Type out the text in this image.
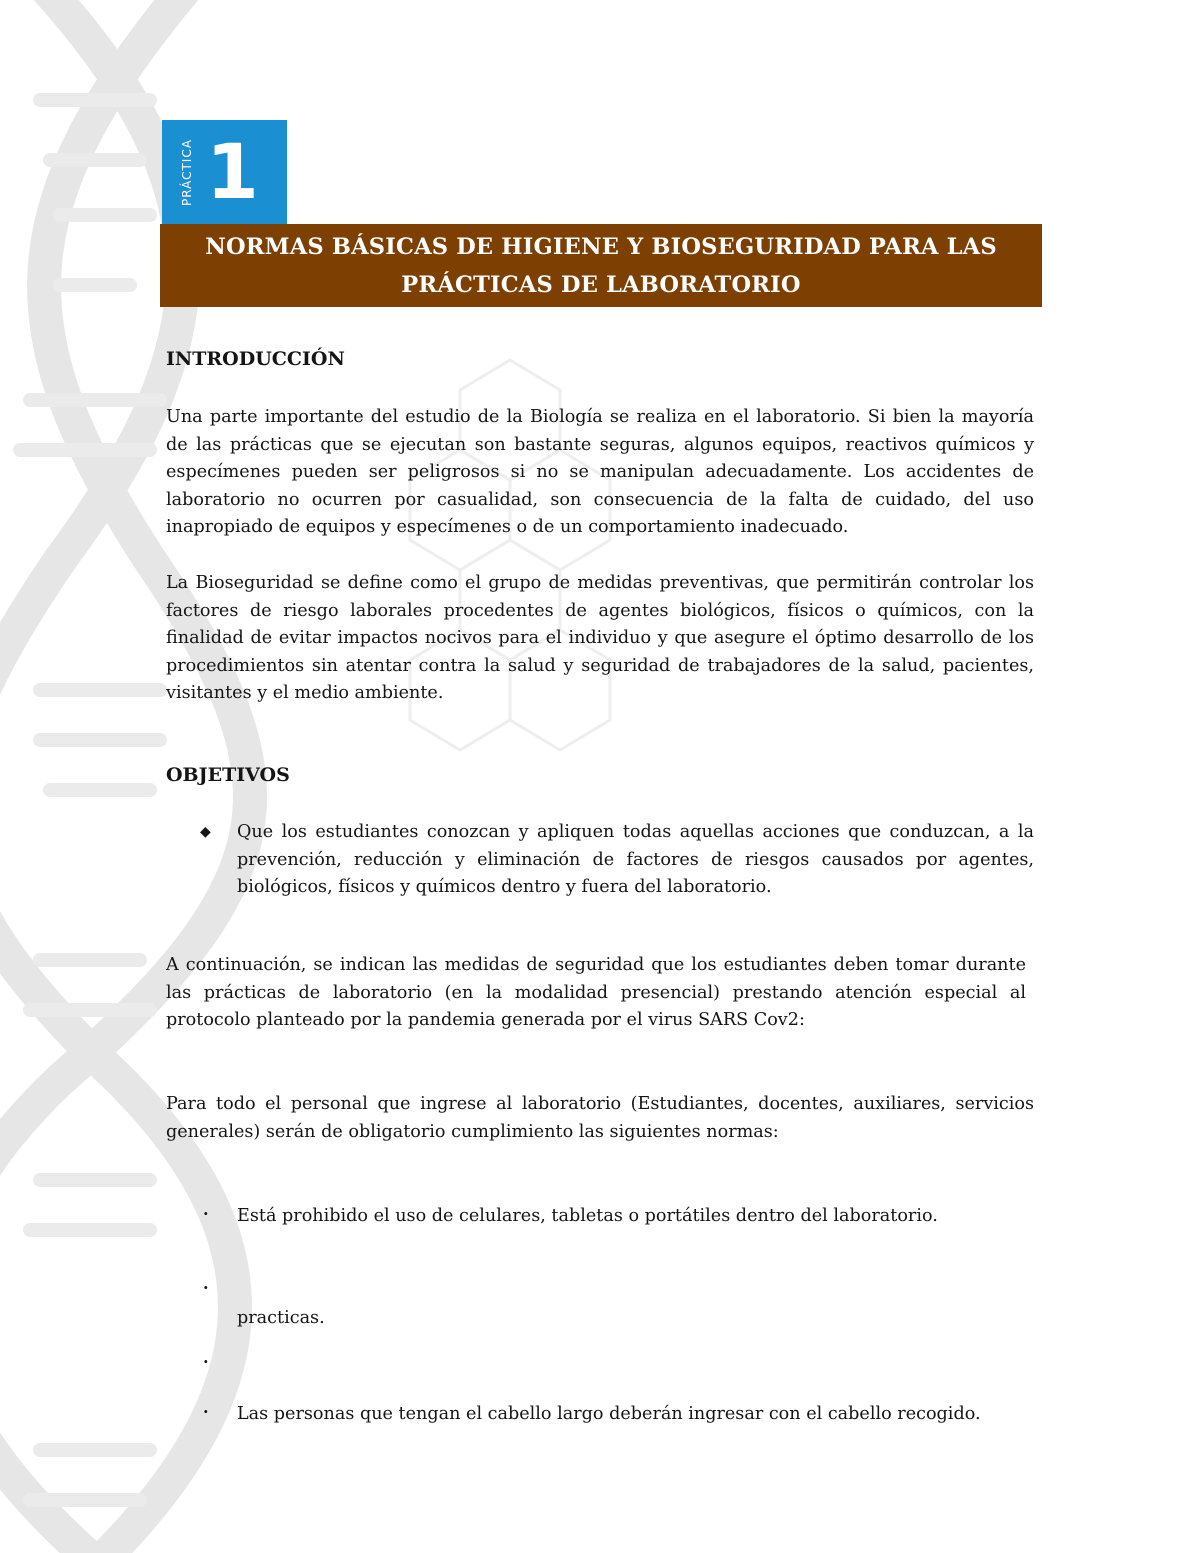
PRÁCTICA 1
NORMAS BÁSICAS DE HIGIENE Y BIOSEGURIDAD PARA LAS PRÁCTICAS DE LABORATORIO
INTRODUCCIÓN

Una parte importante del estudio de la Biología se realiza en el laboratorio. Si bien la mayoría de las prácticas que se ejecutan son bastante seguras, algunos equipos, reactivos químicos y especímenes pueden ser peligrosos si no se manipulan adecuadamente. Los accidentes de laboratorio no ocurren por casualidad, son consecuencia de la falta de cuidado, del uso inapropiado de equipos y especímenes o de un comportamiento inadecuado.

La Bioseguridad se define como el grupo de medidas preventivas, que permitirán controlar los factores de riesgo laborales procedentes de agentes biológicos, físicos o químicos, con la finalidad de evitar impactos nocivos para el individuo y que asegure el óptimo desarrollo de los procedimientos sin atentar contra la salud y seguridad de trabajadores de la salud, pacientes, visitantes y el medio ambiente.

OBJETIVOS
◆ Que los estudiantes conozcan y apliquen todas aquellas acciones que conduzcan, a la prevención, reducción y eliminación de factores de riesgos causados por agentes, biológicos, físicos y químicos dentro y fuera del laboratorio.

A continuación, se indican las medidas de seguridad que los estudiantes deben tomar durante las prácticas de laboratorio (en la modalidad presencial) prestando atención especial al protocolo planteado por la pandemia generada por el virus SARS Cov2:

Para todo el personal que ingrese al laboratorio (Estudiantes, docentes, auxiliares, servicios generales) serán de obligatorio cumplimiento las siguientes normas:

· Está prohibido el uso de celulares, tabletas o portátiles dentro del laboratorio.

·

practicas.

·

· Las personas que tengan el cabello largo deberán ingresar con el cabello recogido.
